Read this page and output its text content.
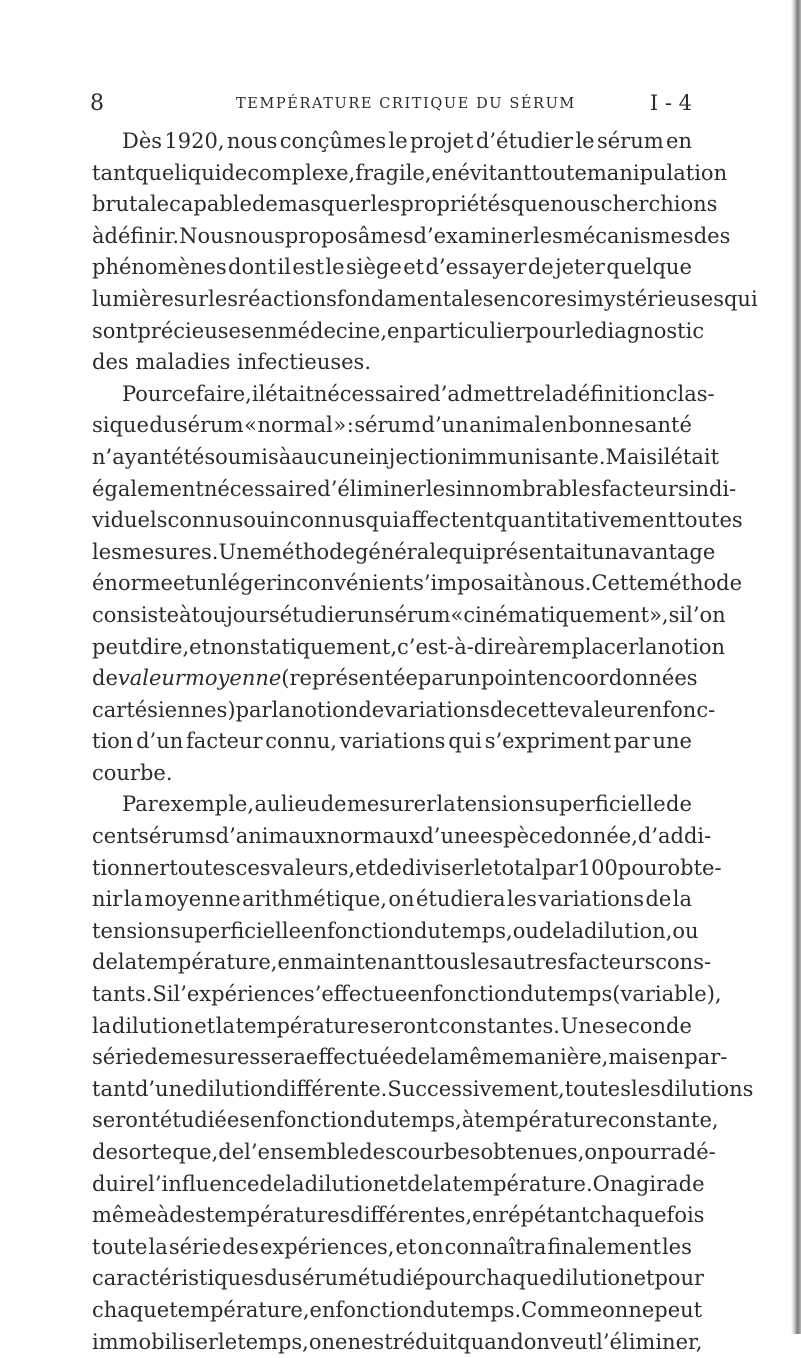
8	TEMPÉRATURE CRITIQUE DU SÉRUM	I - 4
Dès 1920, nous conçûmes le projet d’étudier le sérum en
tant que liquide complexe, fragile, en évitant toute manipulation
brutale capable de masquer les propriétés que nous cherchions
à définir. Nous nous proposâmes d’examiner les mécanismes des
phénomènes dont il est le siège et d’essayer de jeter quelque
lumière sur les réactions fondamentales encore si mystérieuses qui
sont précieuses en médecine, en particulier pour le diagnostic
des maladies infectieuses.
Pour ce faire, il était nécessaire d’admettre la définition clas-
sique du sérum « normal » : sérum d’un animal en bonne santé
n’ayant été soumis à aucune injection immunisante. Mais il était
également nécessaire d’éliminer les innombrables facteurs indi-
viduels connus ou inconnus qui affectent quantitativement toutes
les mesures. Une méthode générale qui présentait un avantage
énorme et un léger inconvénient s’imposait à nous. Cette méthode
consiste à toujours étudier un sérum « cinématiquement », si l’on
peut dire, et non statiquement, c’est-à-dire à remplacer la notion
de valeur moyenne (représentée par un point en coordonnées
cartésiennes) par la notion de variations de cette valeur en fonc-
tion d’un facteur connu, variations qui s’expriment par une
courbe.
Par exemple, au lieu de mesurer la tension superficielle de
cent sérums d’animaux normaux d’une espèce donnée, d’addi-
tionner toutes ces valeurs, et de diviser le total par 100 pour obte-
nir la moyenne arithmétique, on étudiera les variations de la
tension superficielle en fonction du temps, ou de la dilution, ou
de la température, en maintenant tous les autres facteurs cons-
tants. Si l’expérience s’effectue en fonction du temps (variable),
la dilution et la température seront constantes. Une seconde
série de mesures sera effectuée de la même manière, mais en par-
tant d’une dilution différente. Successivement, toutes les dilutions
seront étudiées en fonction du temps, à température constante,
de sorte que, de l’ensemble des courbes obtenues, on pourra dé-
duire l’influence de la dilution et de la température. On agira de
même à des températures différentes, en répétant chaque fois
toute la série des expériences, et on connaîtra finalement les
caractéristiques du sérum étudié pour chaque dilution et pour
chaque température, en fonction du temps. Comme on ne peut
immobiliser le temps, on en est réduit quand on veut l’éliminer,
